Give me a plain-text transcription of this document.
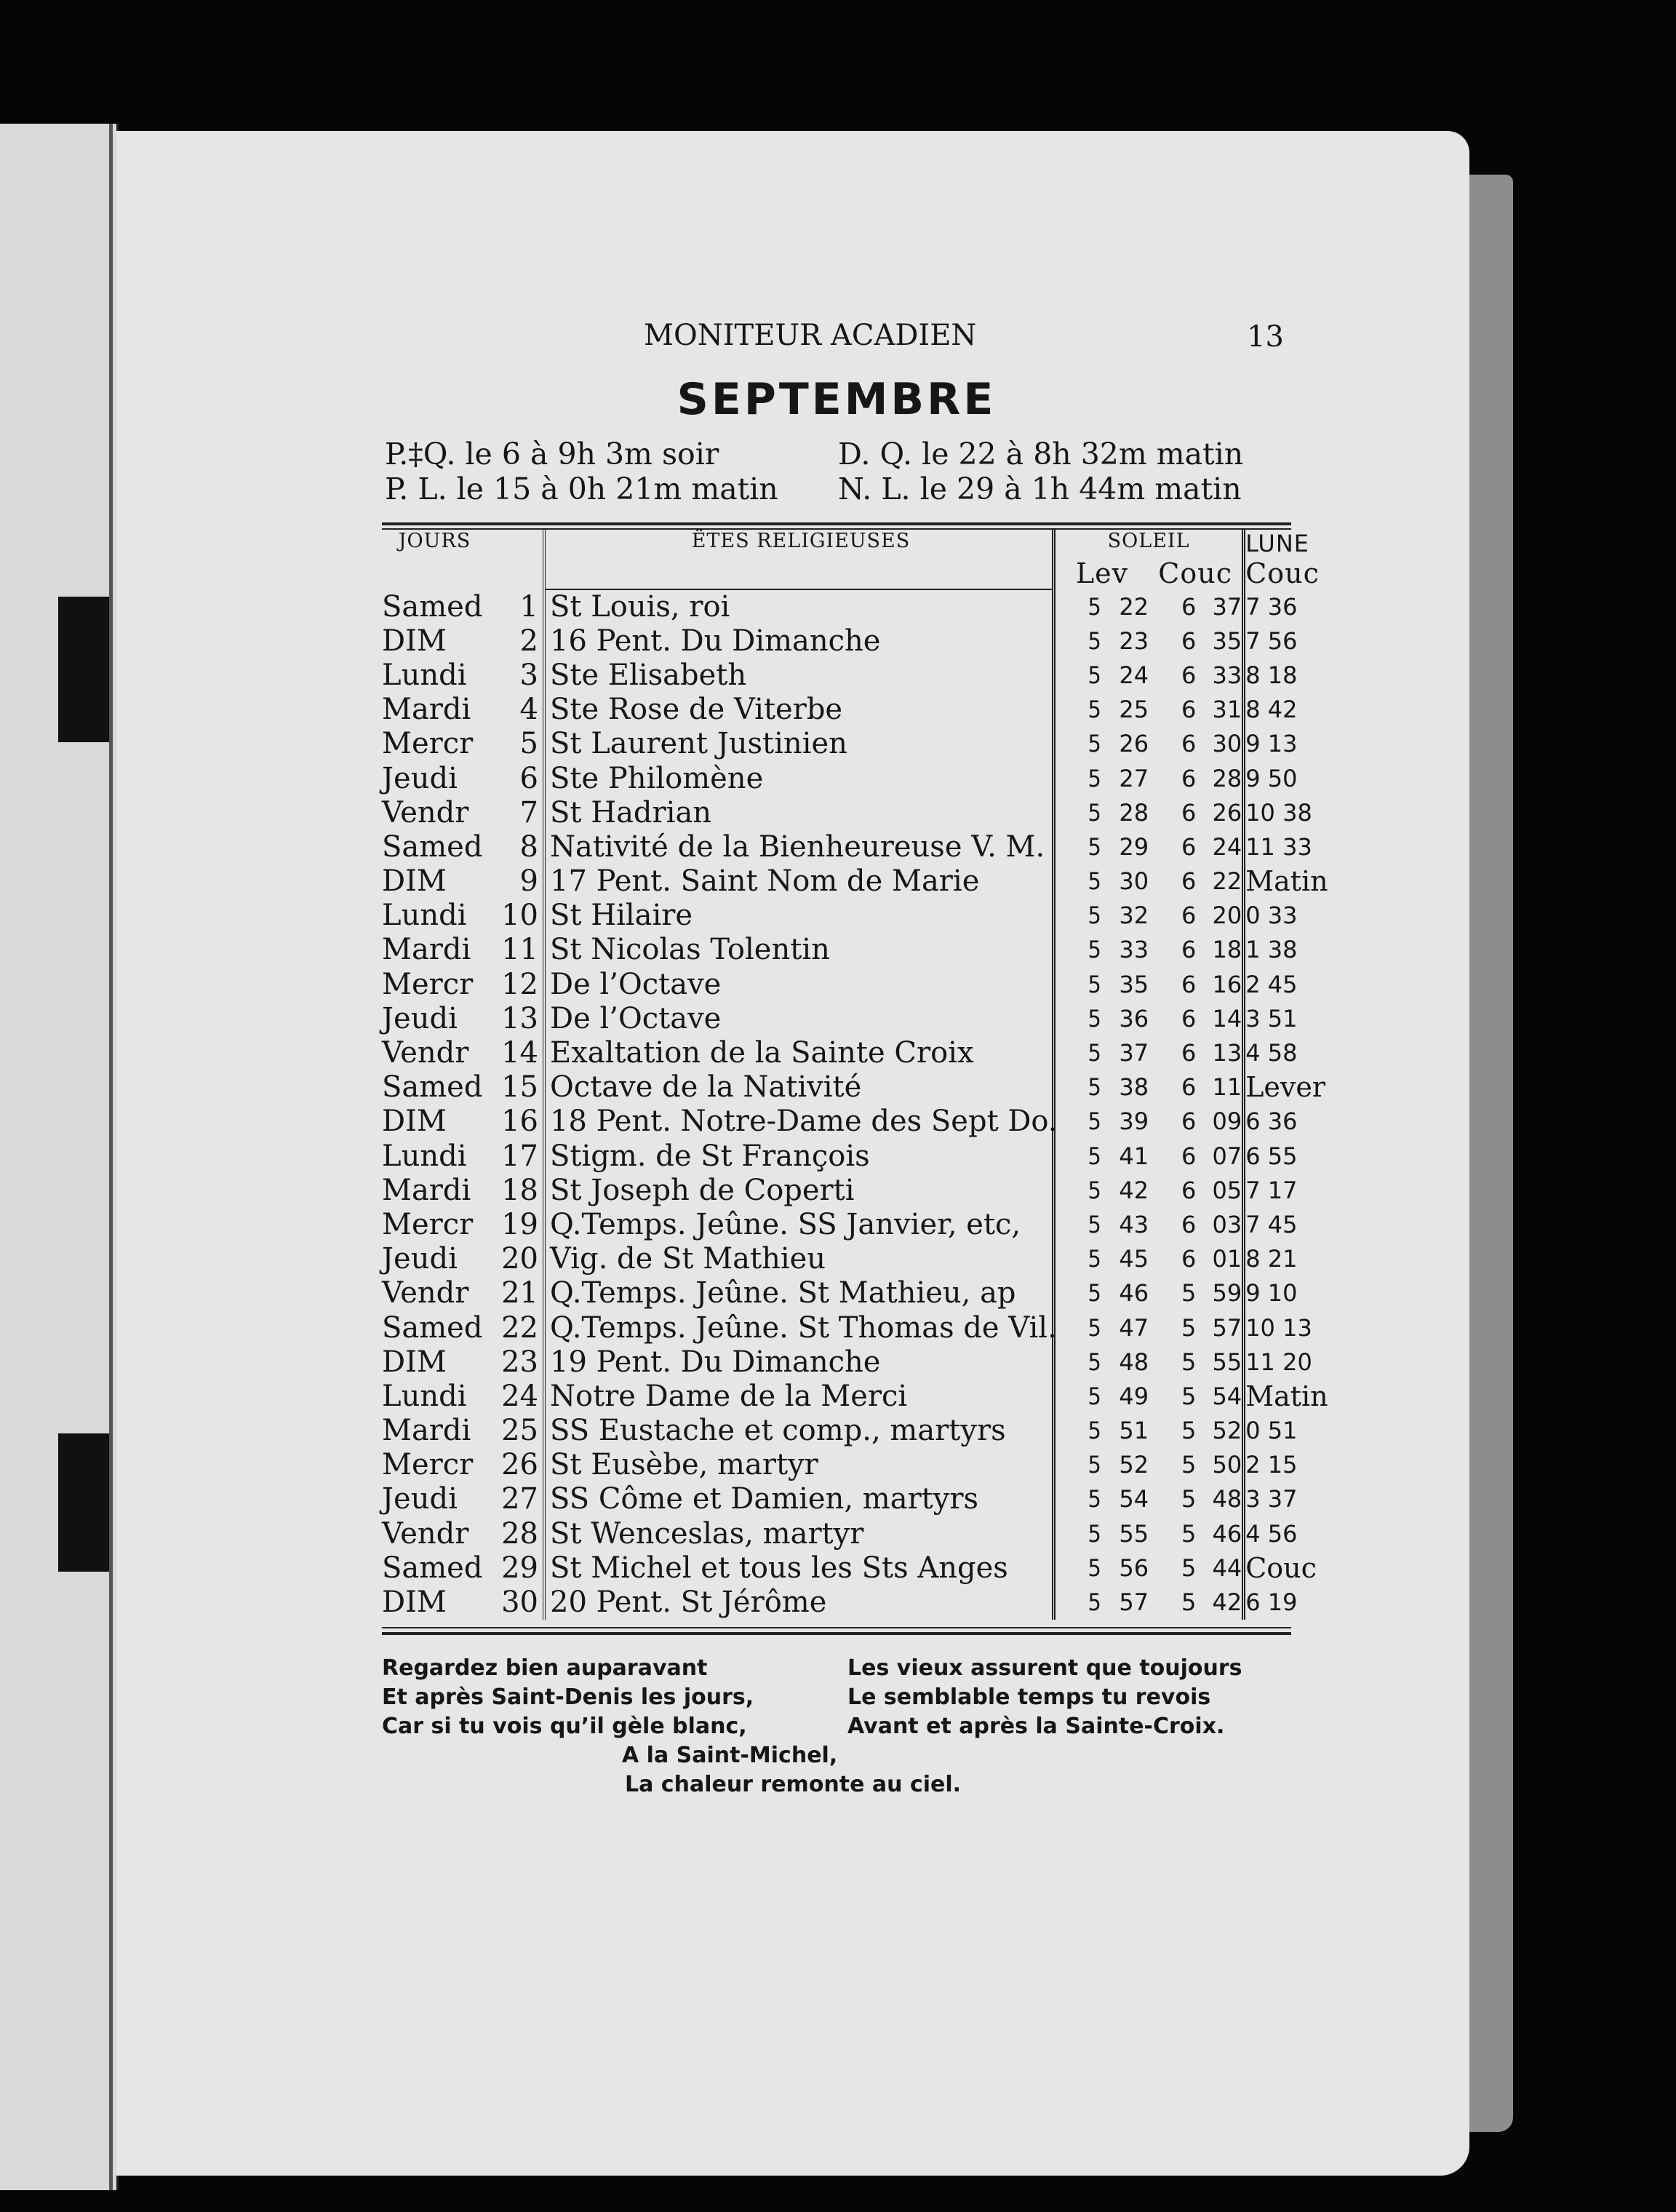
MONITEUR ACADIEN	13
SEPTEMBRE
P.‡Q. le 6 à 9h 3m soir	D. Q. le 22 à 8h 32m matin
P. L. le 15 à 0h 21m matin	N. L. le 29 à 1h 44m matin
JOURS		ЁTES RELIGIEUSES	SOLEIL				LUNE
			Lev		Couc		Couc
Samed	1	St Louis, roi	5	22	6	37	7 36
DIM	2	16 Pent. Du Dimanche	5	23	6	35	7 56
Lundi	3	Ste Elisabeth	5	24	6	33	8 18
Mardi	4	Ste Rose de Viterbe	5	25	6	31	8 42
Mercr	5	St Laurent Justinien	5	26	6	30	9 13
Jeudi	6	Ste Philomène	5	27	6	28	9 50
Vendr	7	St Hadrian	5	28	6	26	10 38
Samed	8	Nativité de la Bienheureuse V. M.	5	29	6	24	11 33
DIM	9	17 Pent. Saint Nom de Marie	5	30	6	22	Matin
Lundi	10	St Hilaire	5	32	6	20	0 33
Mardi	11	St Nicolas Tolentin	5	33	6	18	1 38
Mercr	12	De l’Octave	5	35	6	16	2 45
Jeudi	13	De l’Octave	5	36	6	14	3 51
Vendr	14	Exaltation de la Sainte Croix	5	37	6	13	4 58
Samed	15	Octave de la Nativité	5	38	6	11	Lever
DIM	16	18 Pent. Notre-Dame des Sept Do.	5	39	6	09	6 36
Lundi	17	Stigm. de St François	5	41	6	07	6 55
Mardi	18	St Joseph de Coperti	5	42	6	05	7 17
Mercr	19	Q.Temps. Jeûne. SS Janvier, etc,	5	43	6	03	7 45
Jeudi	20	Vig. de St Mathieu	5	45	6	01	8 21
Vendr	21	Q.Temps. Jeûne. St Mathieu, ap	5	46	5	59	9 10
Samed	22	Q.Temps. Jeûne. St Thomas de Vil.	5	47	5	57	10 13
DIM	23	19 Pent. Du Dimanche	5	48	5	55	11 20
Lundi	24	Notre Dame de la Merci	5	49	5	54	Matin
Mardi	25	SS Eustache et comp., martyrs	5	51	5	52	0 51
Mercr	26	St Eusèbe, martyr	5	52	5	50	2 15
Jeudi	27	SS Côme et Damien, martyrs	5	54	5	48	3 37
Vendr	28	St Wenceslas, martyr	5	55	5	46	4 56
Samed	29	St Michel et tous les Sts Anges	5	56	5	44	Couc
DIM	30	20 Pent. St Jérôme	5	57	5	42	6 19
Regardez bien auparavant
Et après Saint-Denis les jours,
Car si tu vois qu’il gèle blanc,
Les vieux assurent que toujours
Le semblable temps tu revois
Avant et après la Sainte-Croix.
A la Saint-Michel,
La chaleur remonte au ciel.
